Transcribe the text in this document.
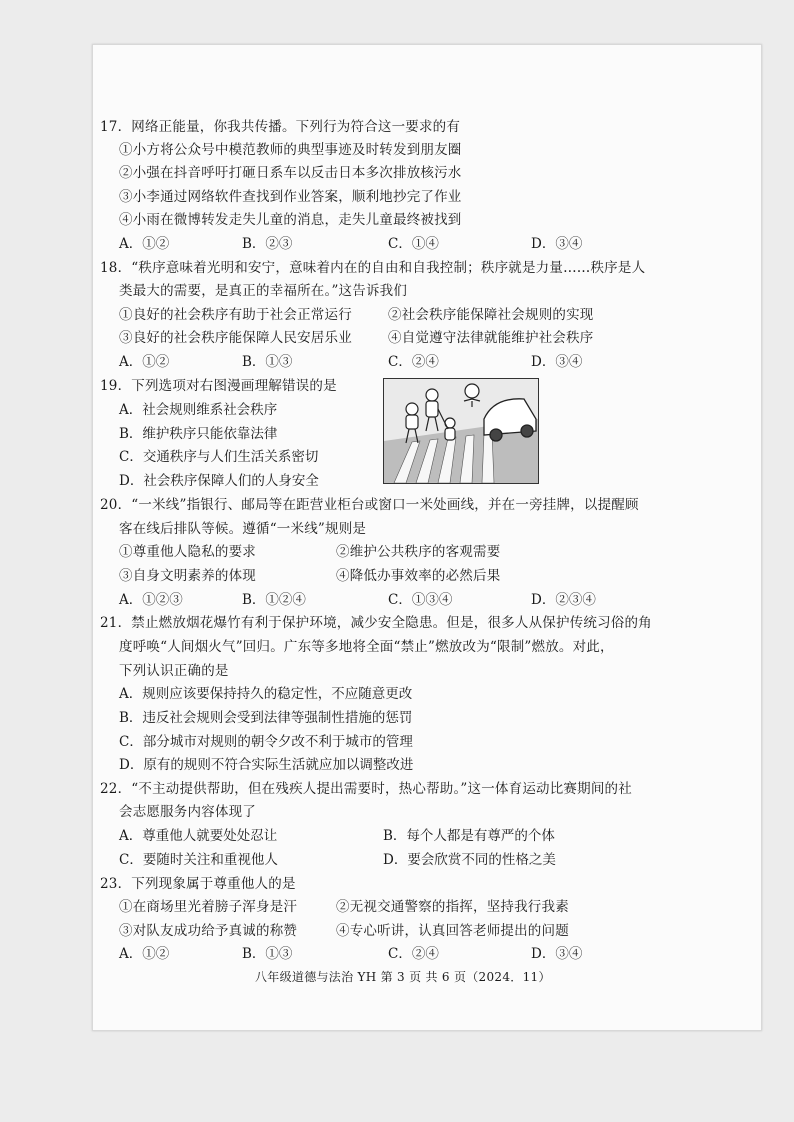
17．网络正能量，你我共传播。下列行为符合这一要求的有
①小方将公众号中模范教师的典型事迹及时转发到朋友圈
②小强在抖音呼吁打砸日系车以反击日本多次排放核污水
③小李通过网络软件查找到作业答案，顺利地抄完了作业
④小雨在微博转发走失儿童的消息，走失儿童最终被找到
A．①②	B．②③	C．①④	D．③④
18．“秩序意味着光明和安宁，意味着内在的自由和自我控制；秩序就是力量……秩序是人
类最大的需要，是真正的幸福所在。”这告诉我们
①良好的社会秩序有助于社会正常运行	②社会秩序能保障社会规则的实现
③良好的社会秩序能保障人民安居乐业	④自觉遵守法律就能维护社会秩序
A．①②	B．①③	C．②④	D．③④
19．下列选项对右图漫画理解错误的是
A．社会规则维系社会秩序
B．维护秩序只能依靠法律
C．交通秩序与人们生活关系密切
D．社会秩序保障人们的人身安全
20．“一米线”指银行、邮局等在距营业柜台或窗口一米处画线，并在一旁挂牌，以提醒顾
客在线后排队等候。遵循“一米线”规则是
①尊重他人隐私的要求	②维护公共秩序的客观需要
③自身文明素养的体现	④降低办事效率的必然后果
A．①②③	B．①②④	C．①③④	D．②③④
21．禁止燃放烟花爆竹有利于保护环境，减少安全隐患。但是，很多人从保护传统习俗的角
度呼唤“人间烟火气”回归。广东等多地将全面“禁止”燃放改为“限制”燃放。对此，
下列认识正确的是
A．规则应该要保持持久的稳定性，不应随意更改
B．违反社会规则会受到法律等强制性措施的惩罚
C．部分城市对规则的朝令夕改不利于城市的管理
D．原有的规则不符合实际生活就应加以调整改进
22．“不主动提供帮助，但在残疾人提出需要时，热心帮助。”这一体育运动比赛期间的社
会志愿服务内容体现了
A．尊重他人就要处处忍让	B．每个人都是有尊严的个体
C．要随时关注和重视他人	D．要会欣赏不同的性格之美
23．下列现象属于尊重他人的是
①在商场里光着膀子浑身是汗	②无视交通警察的指挥，坚持我行我素
③对队友成功给予真诚的称赞	④专心听讲，认真回答老师提出的问题
A．①②	B．①③	C．②④	D．③④
八年级道德与法治 YH 第 3 页 共 6 页（2024．11）
